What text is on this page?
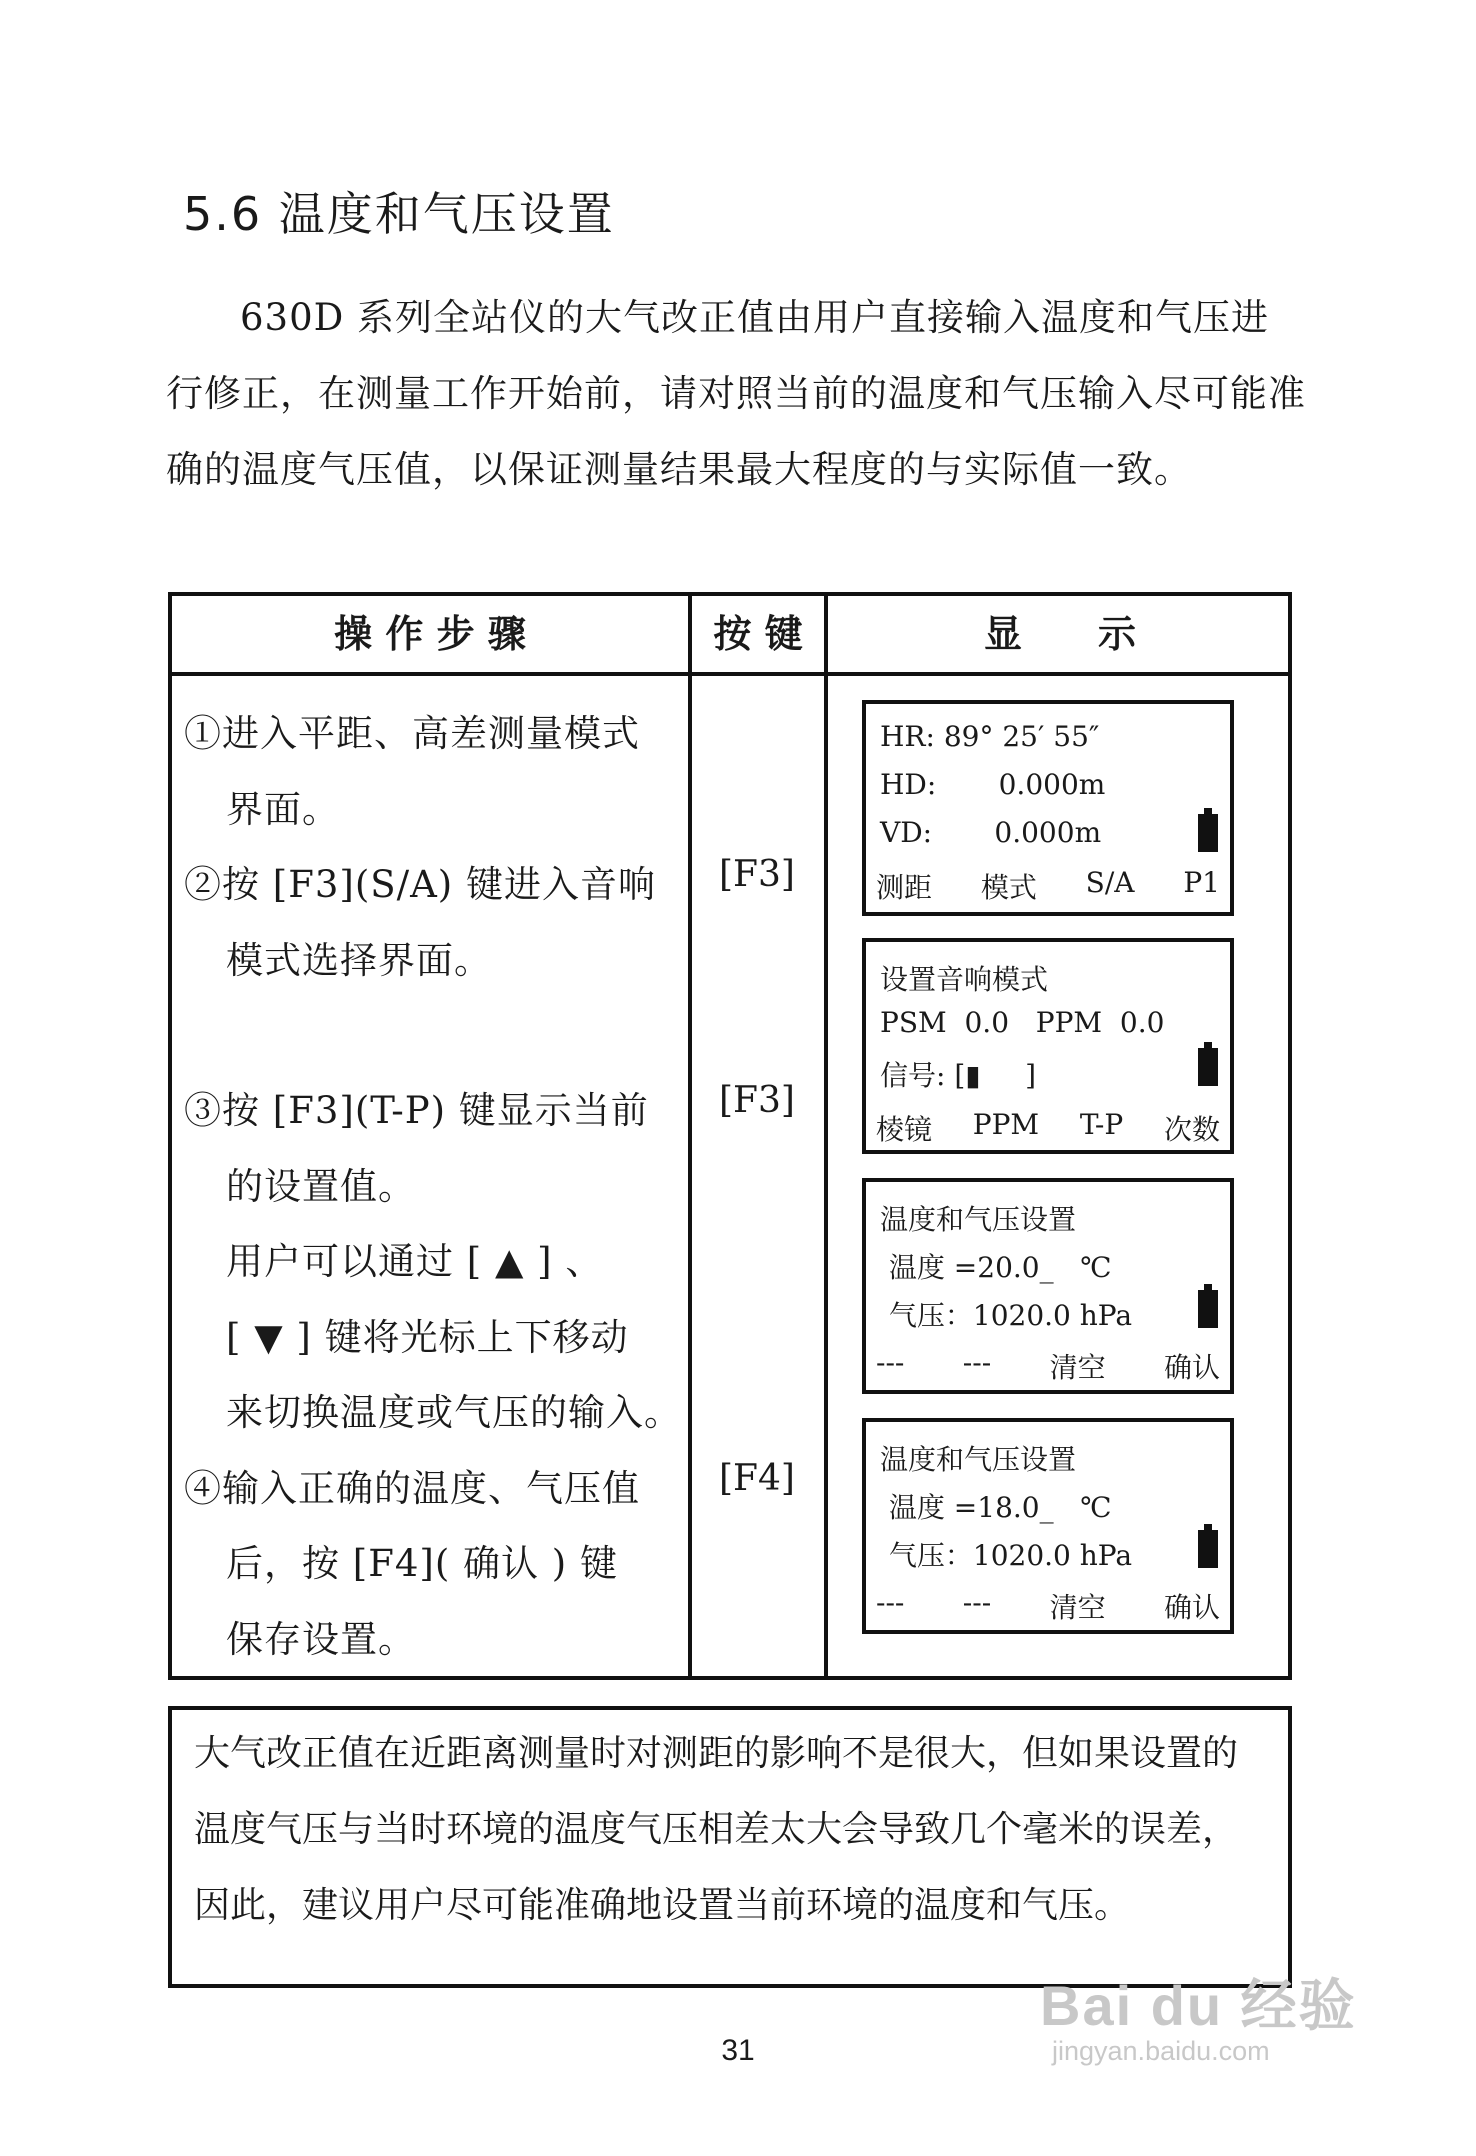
5.6 温度和气压设置
630D 系列全站仪的大气改正值由用户直接输入温度和气压进行修正，在测量工作开始前，请对照当前的温度和气压输入尽可能准确的温度气压值，以保证测量结果最大程度的与实际值一致。
操 作 步 骤	按 键	显　　示
①进入平距、高差测量模式
界面。
②按 [F3](S/A) 键进入音响
模式选择界面。
③按 [F3](T-P) 键显示当前
的设置值。
用户可以通过 [ ▲ ] 、
[ ▼ ] 键将光标上下移动
来切换温度或气压的输入。
④输入正确的温度、气压值
后，按 [F4]( 确认 ) 键
保存设置。
[F3]
[F3]
[F4]
HR: 89° 25′ 55″
HD:       0.000m
VD:       0.000m
测距 模式 S/A P1
设置音响模式
PSM  0.0   PPM  0.0
信号: [▮     ]
棱镜 PPM T-P 次数
温度和气压设置
温度 =20.0_   ℃
气压：1020.0 hPa
--- --- 清空 确认
温度和气压设置
温度 =18.0_   ℃
气压：1020.0 hPa
--- --- 清空 确认
大气改正值在近距离测量时对测距的影响不是很大，但如果设置的温度气压与当时环境的温度气压相差太大会导致几个毫米的误差，因此，建议用户尽可能准确地设置当前环境的温度和气压。
31
Bai du 经验
jingyan.baidu.com
